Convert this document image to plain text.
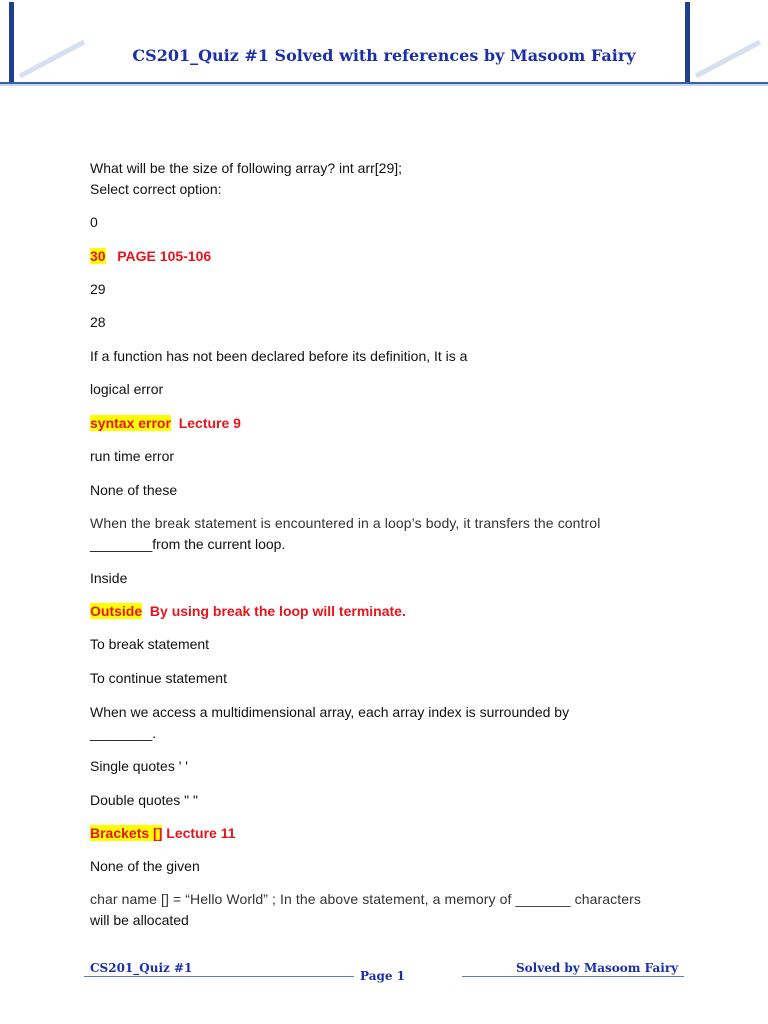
CS201_Quiz #1 Solved with references by Masoom Fairy
What will be the size of following array? int arr[29];
Select correct option:
0
30 PAGE 105-106
29
28
If a function has not been declared before its definition, It is a
logical error
syntax error Lecture 9
run time error
None of these
When the break statement is encountered in a loop’s body, it transfers the control
________from the current loop.
Inside
Outside By using break the loop will terminate.
To break statement
To continue statement
When we access a multidimensional array, each array index is surrounded by
________.
Single quotes ' '
Double quotes " "
Brackets [] Lecture 11
None of the given
char name [] = “Hello World” ; In the above statement, a memory of _______ characters
will be allocated
CS201_Quiz #1	Solved by Masoom Fairy
Page 1
